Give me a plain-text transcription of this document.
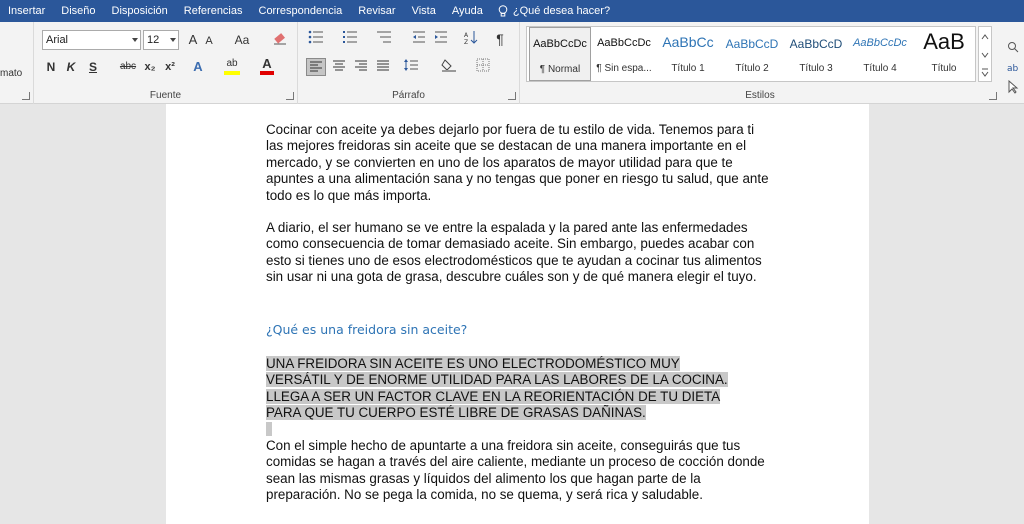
Insertar	Diseño	Disposición	Referencias	Correspondencia	Revisar	Vista	Ayuda	¿Qué desea hacer?
mato
Arial	12	A A	Aa
N K S	abc x₂ x² A	ab A
Fuente
A
Z	¶
Párrafo	Estilos
AaBbCcDc
¶ Normal
AaBbCcDc
¶ Sin espa...
AaBbCc
Título 1
AaBbCcD
Título 2
AaBbCcD
Título 3
AaBbCcDc
Título 4
AaB
Título	ab

Cocinar con aceite ya debes dejarlo por fuera de tu estilo de vida. Tenemos para ti las mejores freidoras sin aceite que se destacan de una manera importante en el mercado, y se convierten en uno de los aparatos de mayor utilidad para que te apuntes a una alimentación sana y no tengas que poner en riesgo tu salud, que ante todo es lo que más importa.

A diario, el ser humano se ve entre la espalada y la pared ante las enfermedades como consecuencia de tomar demasiado aceite. Sin embargo, puedes acabar con esto si tienes uno de esos electrodomésticos que te ayudan a cocinar tus alimentos sin usar ni una gota de grasa, descubre cuáles son y de qué manera elegir el tuyo.

¿Qué es una freidora sin aceite?

UNA FREIDORA SIN ACEITE ES UNO ELECTRODOMÉSTICO MUY
VERSÁTIL Y DE ENORME UTILIDAD PARA LAS LABORES DE LA COCINA.
LLEGA A SER UN FACTOR CLAVE EN LA REORIENTACIÓN DE TU DIETA
PARA QUE TU CUERPO ESTÉ LIBRE DE GRASAS DAÑINAS.

Con el simple hecho de apuntarte a una freidora sin aceite, conseguirás que tus comidas se hagan a través del aire caliente, mediante un proceso de cocción donde sean las mismas grasas y líquidos del alimento los que hagan parte de la preparación. No se pega la comida, no se quema, y será rica y saludable.
